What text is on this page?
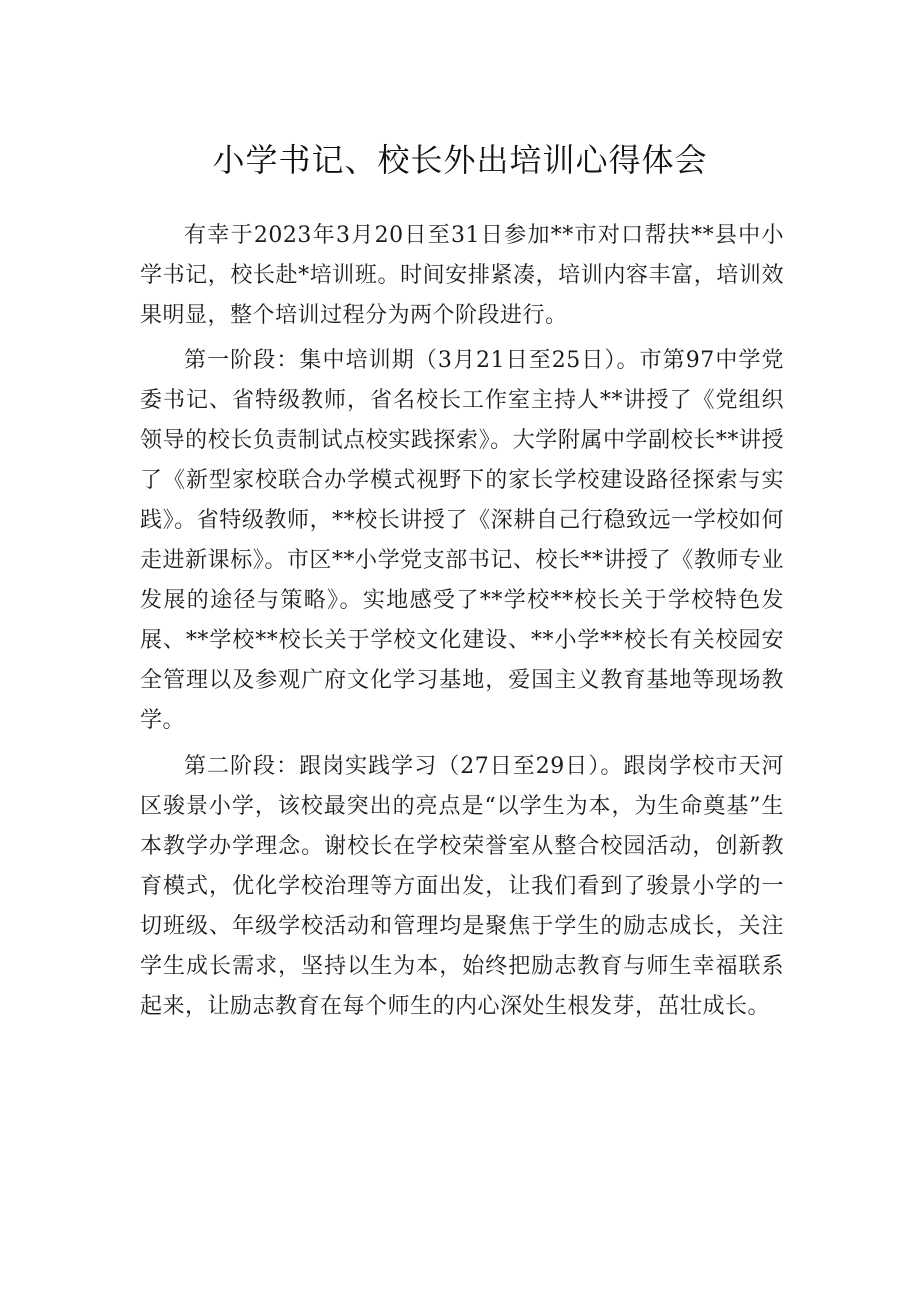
小学书记、校长外出培训心得体会

有幸于2023年3月20日至31日参加**市对口帮扶**县中小学书记，校长赴*培训班。时间安排紧凑，培训内容丰富，培训效果明显，整个培训过程分为两个阶段进行。

第一阶段：集中培训期（3月21日至25日）。市第97中学党委书记、省特级教师，省名校长工作室主持人**讲授了《党组织领导的校长负责制试点校实践探索》。大学附属中学副校长**讲授了《新型家校联合办学模式视野下的家长学校建设路径探索与实践》。省特级教师，**校长讲授了《深耕自己行稳致远一学校如何走进新课标》。市区**小学党支部书记、校长**讲授了《教师专业发展的途径与策略》。实地感受了**学校**校长关于学校特色发展、**学校**校长关于学校文化建设、**小学**校长有关校园安全管理以及参观广府文化学习基地，爱国主义教育基地等现场教学。

第二阶段：跟岗实践学习（27日至29日）。跟岗学校市天河区骏景小学，该校最突出的亮点是“以学生为本，为生命奠基”生本教学办学理念。谢校长在学校荣誉室从整合校园活动，创新教育模式，优化学校治理等方面出发，让我们看到了骏景小学的一切班级、年级学校活动和管理均是聚焦于学生的励志成长，关注学生成长需求，坚持以生为本，始终把励志教育与师生幸福联系起来，让励志教育在每个师生的内心深处生根发芽，茁壮成长。
